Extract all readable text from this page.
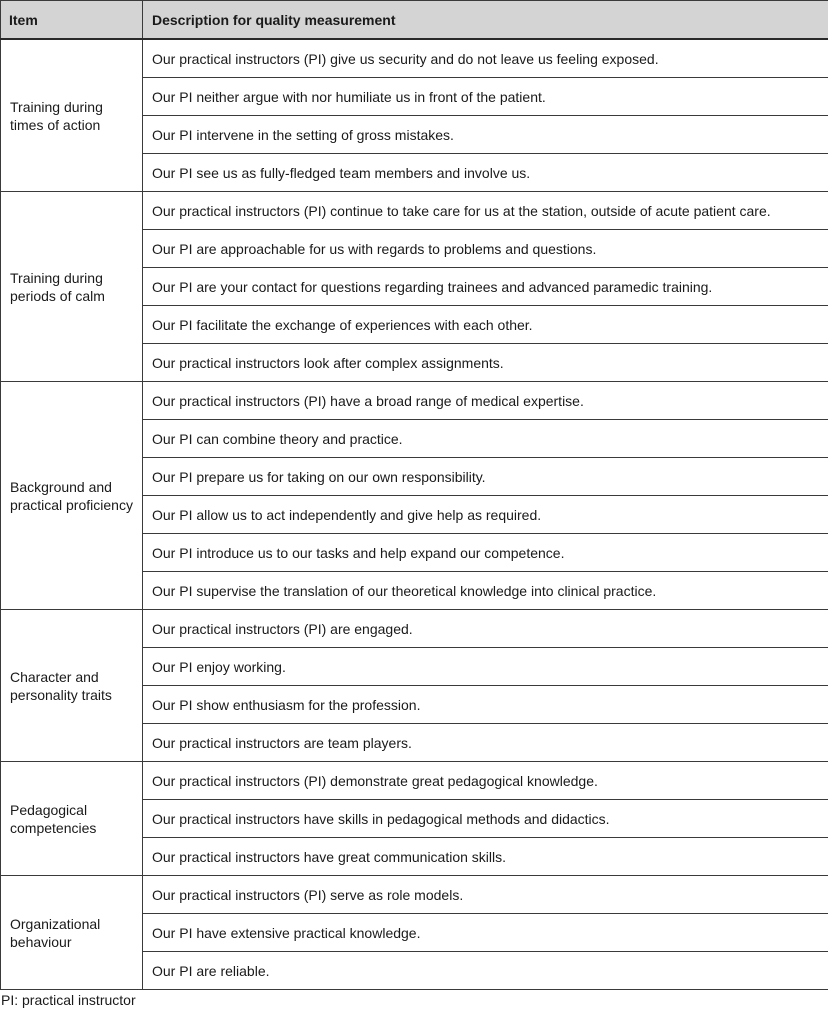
Item	Description for quality measurement
Training during times of action	Our practical instructors (PI) give us security and do not leave us feeling exposed.
	Our PI neither argue with nor humiliate us in front of the patient.
	Our PI intervene in the setting of gross mistakes.
	Our PI see us as fully-fledged team members and involve us.
Training during periods of calm	Our practical instructors (PI) continue to take care for us at the station, outside of acute patient care.
	Our PI are approachable for us with regards to problems and questions.
	Our PI are your contact for questions regarding trainees and advanced paramedic training.
	Our PI facilitate the exchange of experiences with each other.
	Our practical instructors look after complex assignments.
Background and practical proficiency	Our practical instructors (PI) have a broad range of medical expertise.
	Our PI can combine theory and practice.
	Our PI prepare us for taking on our own responsibility.
	Our PI allow us to act independently and give help as required.
	Our PI introduce us to our tasks and help expand our competence.
	Our PI supervise the translation of our theoretical knowledge into clinical practice.
Character and personality traits	Our practical instructors (PI) are engaged.
	Our PI enjoy working.
	Our PI show enthusiasm for the profession.
	Our practical instructors are team players.
Pedagogical competencies	Our practical instructors (PI) demonstrate great pedagogical knowledge.
	Our practical instructors have skills in pedagogical methods and didactics.
	Our practical instructors have great communication skills.
Organizational behaviour	Our practical instructors (PI) serve as role models.
	Our PI have extensive practical knowledge.
	Our PI are reliable.
PI: practical instructor
